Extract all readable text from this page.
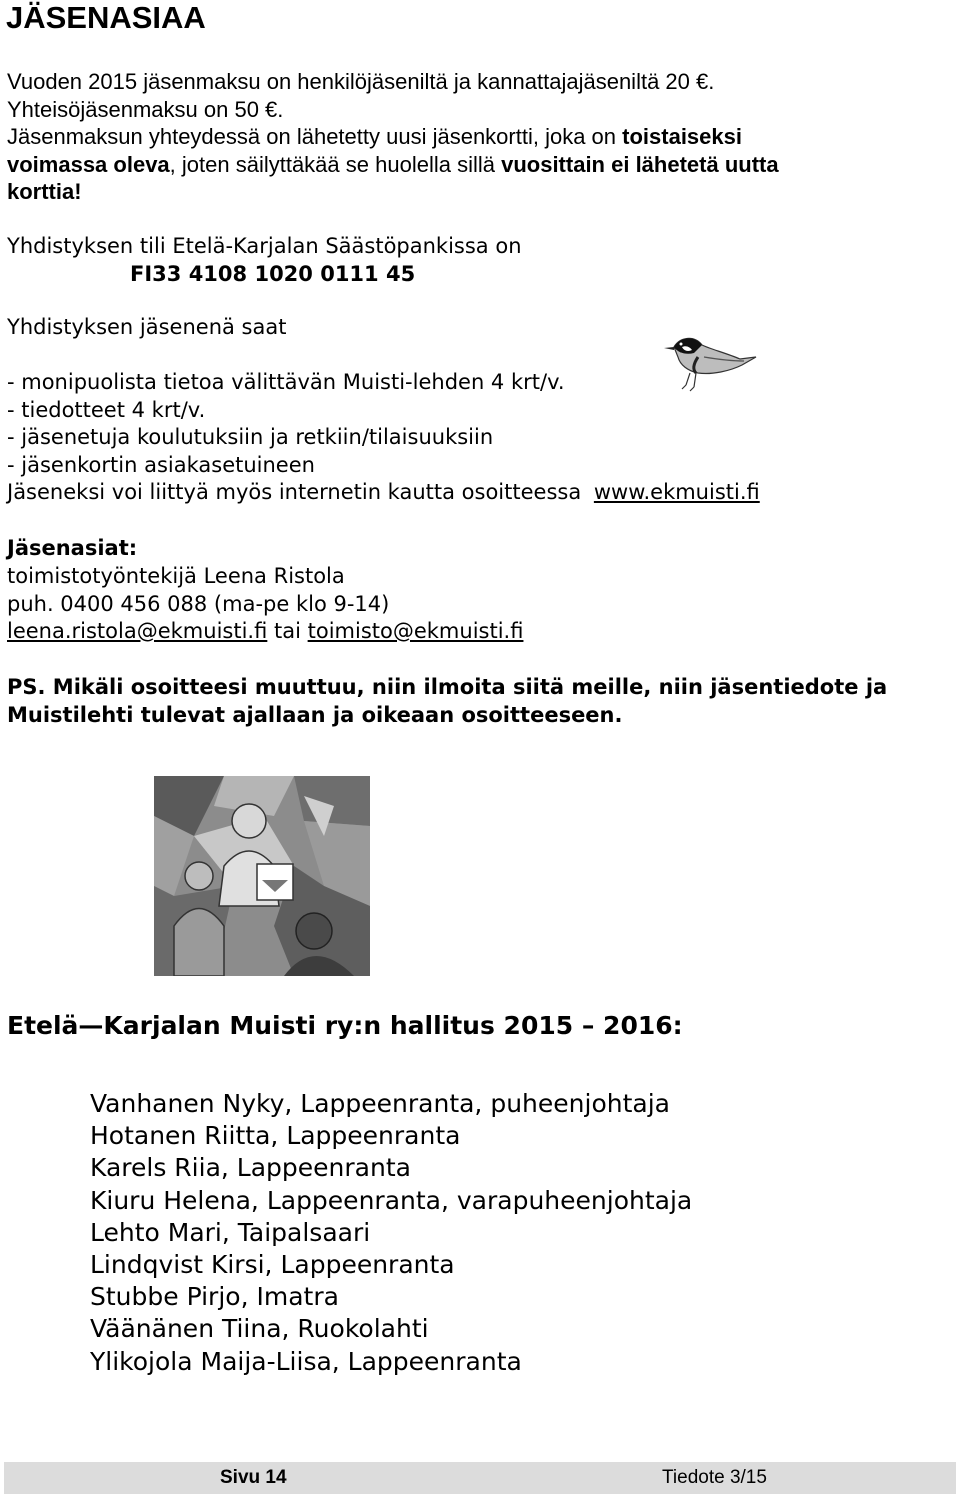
JÄSENASIAA
Vuoden 2015 jäsenmaksu on henkilöjäseniltä ja kannattajajäseniltä 20 €.
Yhteisöjäsenmaksu on 50 €.
Jäsenmaksun yhteydessä on lähetetty uusi jäsenkortti, joka on toistaiseksi
voimassa oleva, joten säilyttäkää se huolella sillä vuosittain ei lähetetä uutta
korttia!
Yhdistyksen tili Etelä-Karjalan Säästöpankissa on
FI33 4108 1020 0111 45
Yhdistyksen jäsenenä saat
- monipuolista tietoa välittävän Muisti-lehden 4 krt/v.
- tiedotteet 4 krt/v.
- jäsenetuja koulutuksiin ja retkiin/tilaisuuksiin
- jäsenkortin asiakasetuineen
Jäseneksi voi liittyä myös internetin kautta osoitteessa www.ekmuisti.fi
Jäsenasiat:
toimistotyöntekijä Leena Ristola
puh. 0400 456 088 (ma-pe klo 9-14)
leena.ristola@ekmuisti.fi tai toimisto@ekmuisti.fi
PS. Mikäli osoitteesi muuttuu, niin ilmoita siitä meille, niin jäsentiedote ja
Muistilehti tulevat ajallaan ja oikeaan osoitteeseen.
Etelä—Karjalan Muisti ry:n hallitus 2015 – 2016:
Vanhanen Nyky, Lappeenranta, puheenjohtaja
Hotanen Riitta, Lappeenranta
Karels Riia, Lappeenranta
Kiuru Helena, Lappeenranta, varapuheenjohtaja
Lehto Mari, Taipalsaari
Lindqvist Kirsi, Lappeenranta
Stubbe Pirjo, Imatra
Väänänen Tiina, Ruokolahti
Ylikojola Maija-Liisa, Lappeenranta
Sivu 14	Tiedote 3/15
